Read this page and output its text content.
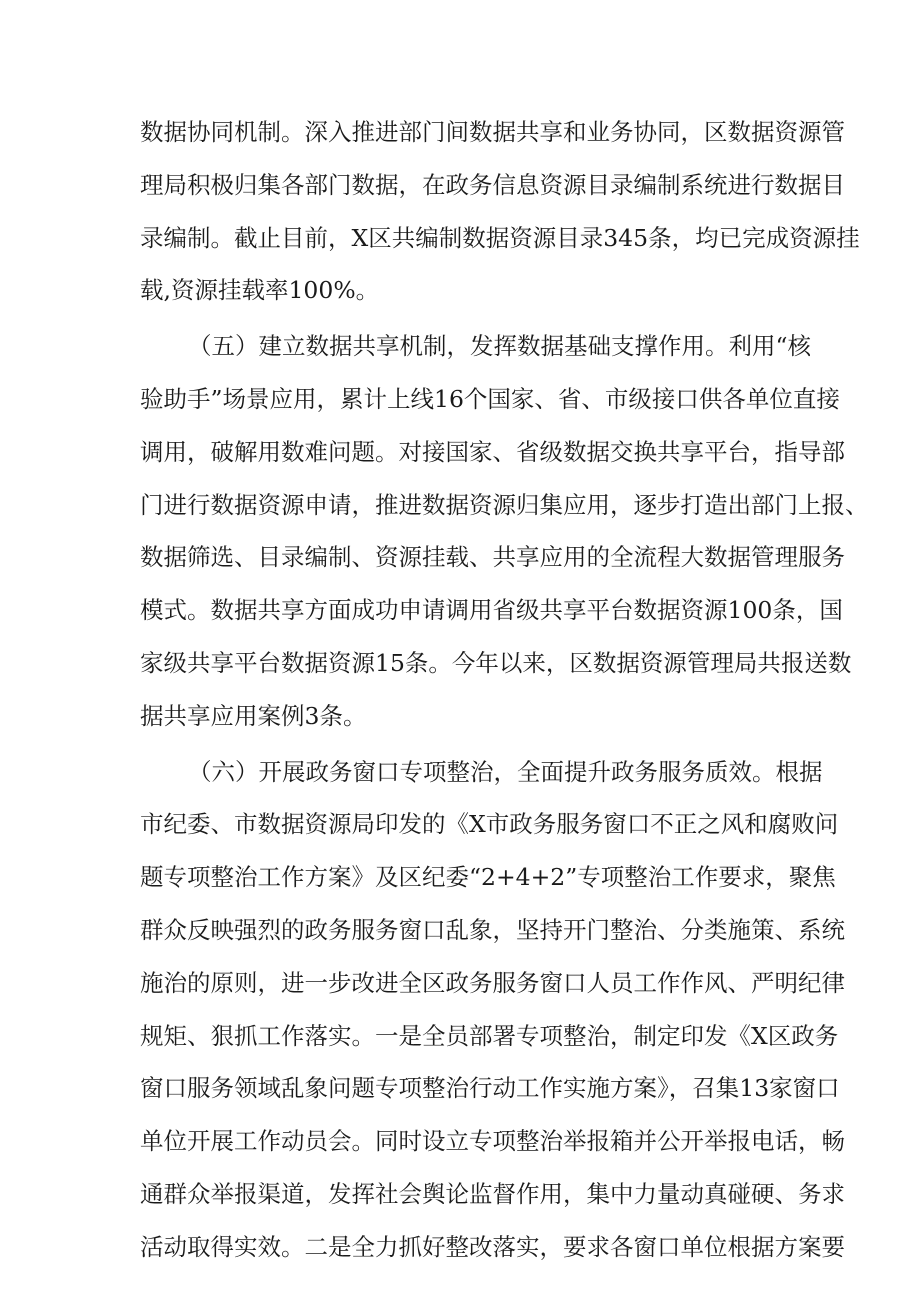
数据协同机制。深入推进部门间数据共享和业务协同，区数据资源管
理局积极归集各部门数据，在政务信息资源目录编制系统进行数据目
录编制。截止目前，X区共编制数据资源目录345条，均已完成资源挂
载,资源挂载率100%。
（五）建立数据共享机制，发挥数据基础支撑作用。利用“核
验助手”场景应用，累计上线16个国家、省、市级接口供各单位直接
调用，破解用数难问题。对接国家、省级数据交换共享平台，指导部
门进行数据资源申请，推进数据资源归集应用，逐步打造出部门上报、
数据筛选、目录编制、资源挂载、共享应用的全流程大数据管理服务
模式。数据共享方面成功申请调用省级共享平台数据资源100条，国
家级共享平台数据资源15条。今年以来，区数据资源管理局共报送数
据共享应用案例3条。
（六）开展政务窗口专项整治，全面提升政务服务质效。根据
市纪委、市数据资源局印发的《X市政务服务窗口不正之风和腐败问
题专项整治工作方案》及区纪委“2+4+2”专项整治工作要求，聚焦
群众反映强烈的政务服务窗口乱象，坚持开门整治、分类施策、系统
施治的原则，进一步改进全区政务服务窗口人员工作作风、严明纪律
规矩、狠抓工作落实。一是全员部署专项整治，制定印发《X区政务
窗口服务领域乱象问题专项整治行动工作实施方案》，召集13家窗口
单位开展工作动员会。同时设立专项整治举报箱并公开举报电话，畅
通群众举报渠道，发挥社会舆论监督作用，集中力量动真碰硬、务求
活动取得实效。二是全力抓好整改落实，要求各窗口单位根据方案要
